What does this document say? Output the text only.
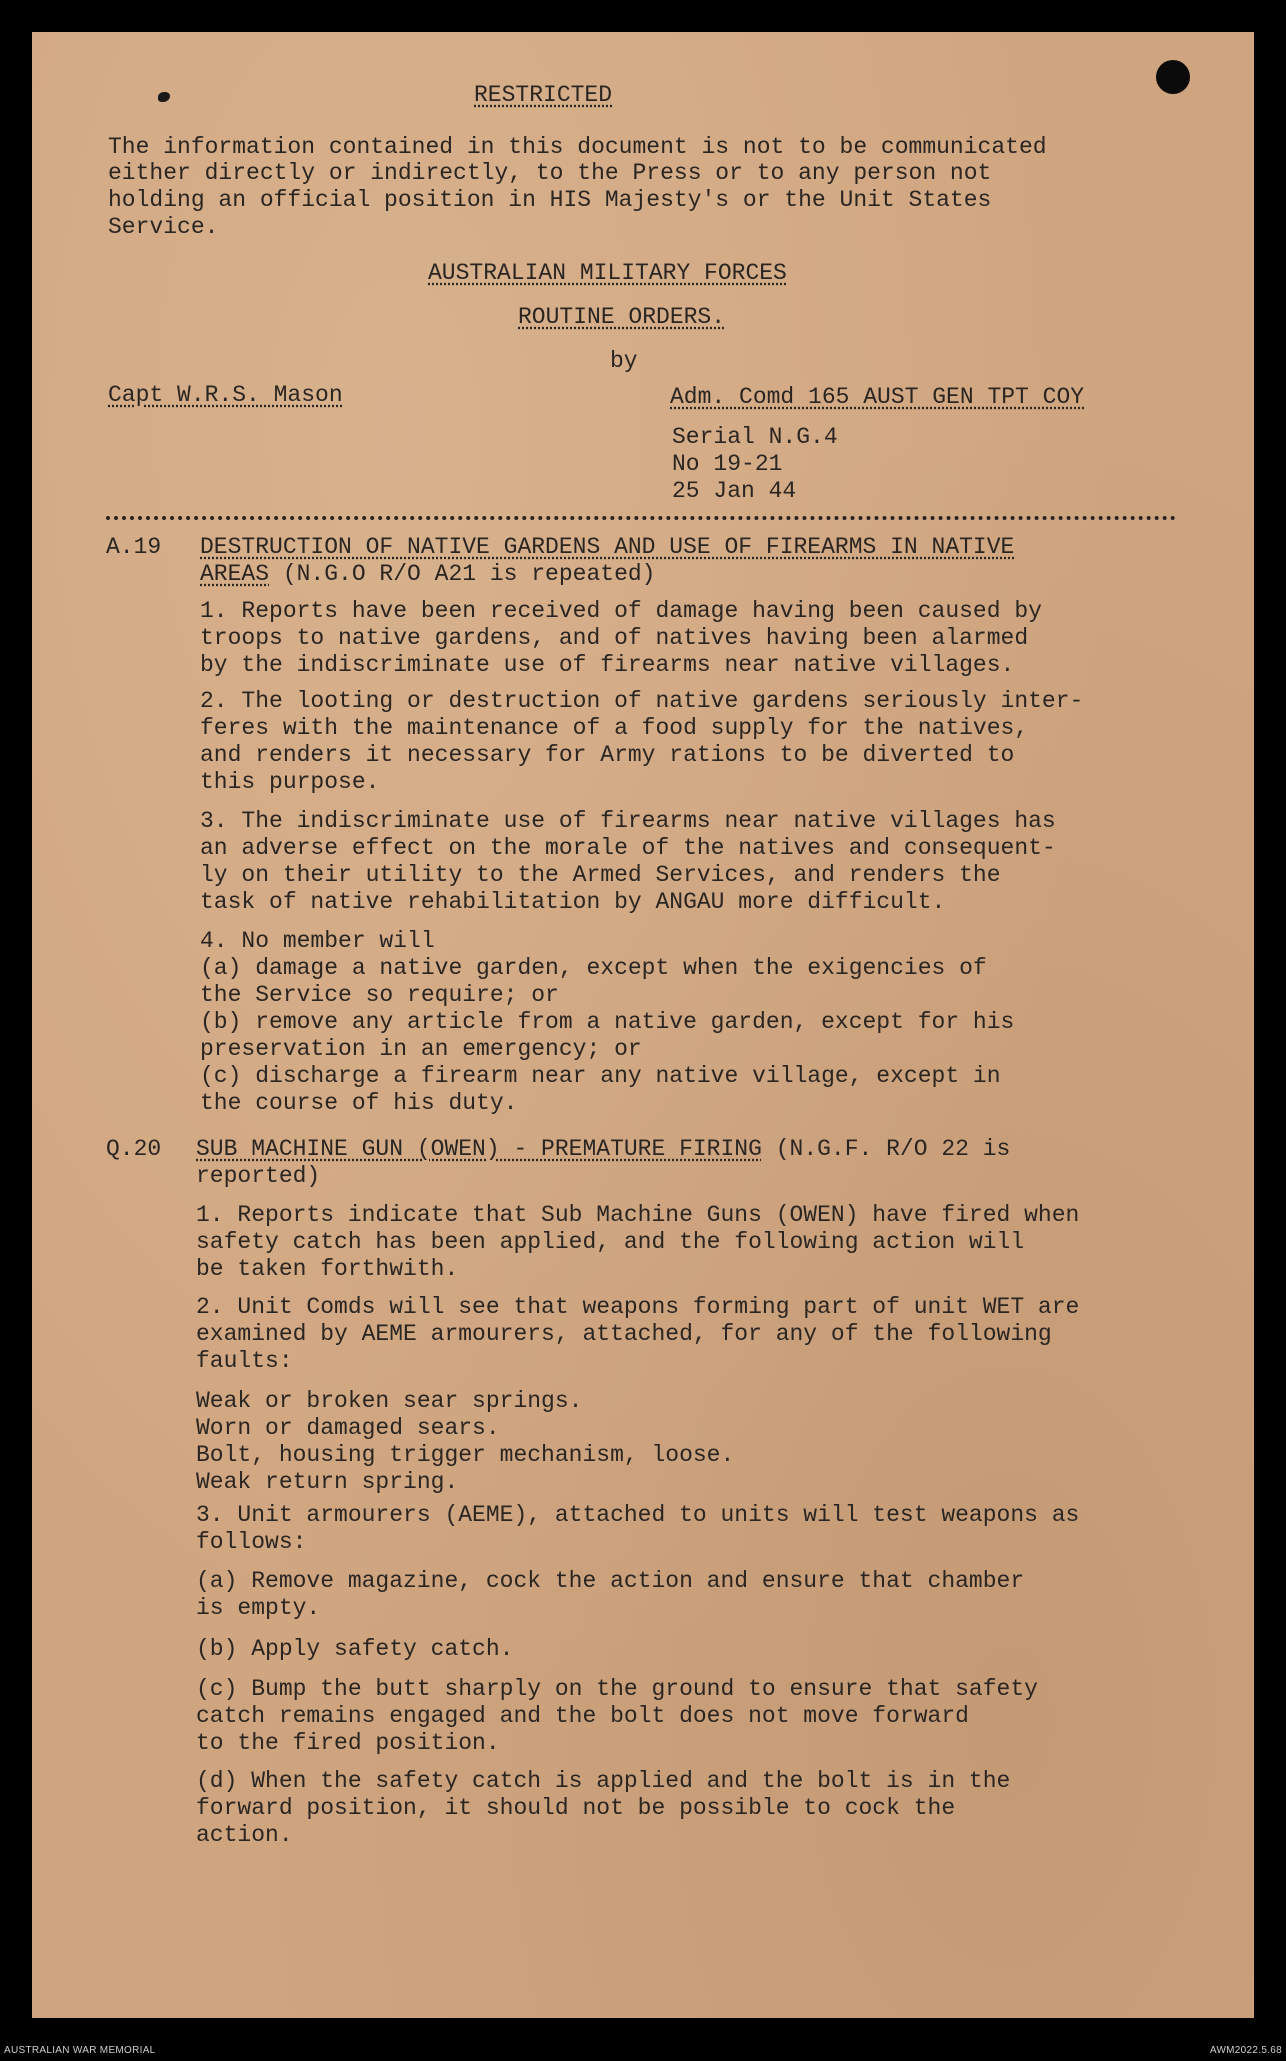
RESTRICTED
The information contained in this document is not to be communicated
either directly or indirectly, to the Press or to any person not
holding an official position in HIS Majesty's or the Unit States
Service.
AUSTRALIAN MILITARY FORCES
ROUTINE ORDERS.
by
Capt W.R.S. Mason	Adm. Comd 165 AUST GEN TPT COY
Serial N.G.4
No 19-21
25 Jan 44
A.19 DESTRUCTION OF NATIVE GARDENS AND USE OF FIREARMS IN NATIVE
AREAS (N.G.O R/O A21 is repeated)
1. Reports have been received of damage having been caused by
troops to native gardens, and of natives having been alarmed
by the indiscriminate use of firearms near native villages.
2. The looting or destruction of native gardens seriously inter-
feres with the maintenance of a food supply for the natives,
and renders it necessary for Army rations to be diverted to
this purpose.
3. The indiscriminate use of firearms near native villages has
an adverse effect on the morale of the natives and consequent-
ly on their utility to the Armed Services, and renders the
task of native rehabilitation by ANGAU more difficult.
4. No member will
(a) damage a native garden, except when the exigencies of
the Service so require; or
(b) remove any article from a native garden, except for his
preservation in an emergency; or
(c) discharge a firearm near any native village, except in
the course of his duty.
Q.20 SUB MACHINE GUN (OWEN) - PREMATURE FIRING (N.G.F. R/O 22 is
reported)
1. Reports indicate that Sub Machine Guns (OWEN) have fired when
safety catch has been applied, and the following action will
be taken forthwith.
2. Unit Comds will see that weapons forming part of unit WET are
examined by AEME armourers, attached, for any of the following
faults:
Weak or broken sear springs.
Worn or damaged sears.
Bolt, housing trigger mechanism, loose.
Weak return spring.
3. Unit armourers (AEME), attached to units will test weapons as
follows:
(a) Remove magazine, cock the action and ensure that chamber
is empty.
(b) Apply safety catch.
(c) Bump the butt sharply on the ground to ensure that safety
catch remains engaged and the bolt does not move forward
to the fired position.
(d) When the safety catch is applied and the bolt is in the
forward position, it should not be possible to cock the
action.
AUSTRALIAN WAR MEMORIAL	AWM2022.5.68
